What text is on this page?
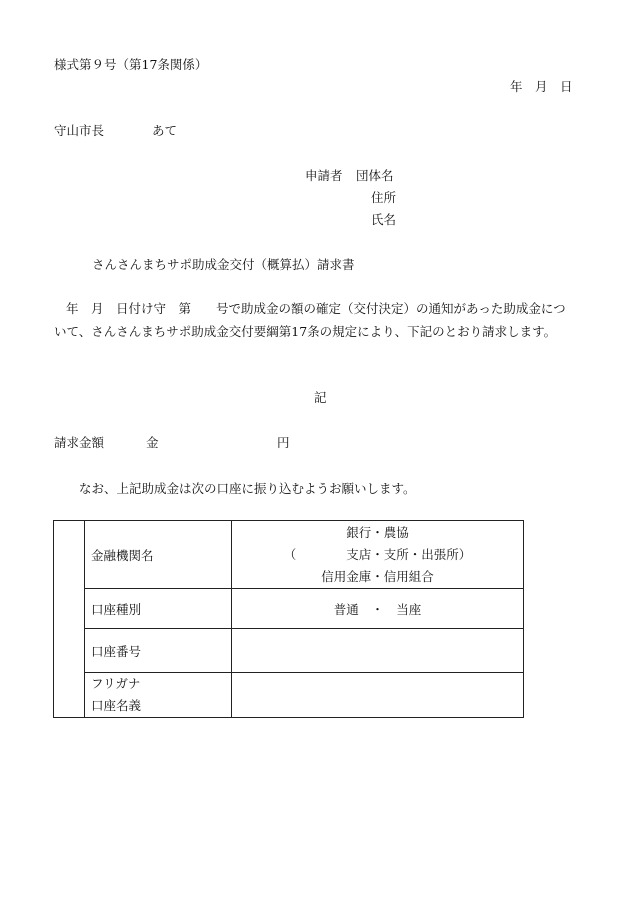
様式第９号（第17条関係）
年　月　日
守山市長	あて
申請者 団体名
住所
氏名
さんさんまちサポ助成金交付（概算払）請求書
年　月　日付け守　第　　号で助成金の額の確定（交付決定）の通知があった助成金について、さんさんまちサポ助成金交付要綱第17条の規定により、下記のとおり請求します。
記
請求金額	金	円
なお、上記助成金は次の口座に振り込むようお願いします。
	金融機関名	銀行・農協
（　　　　支店・支所・出張所）
信用金庫・信用組合

	口座種別	普通　・　当座
	口座番号	

	フリガナ
口座名義	
